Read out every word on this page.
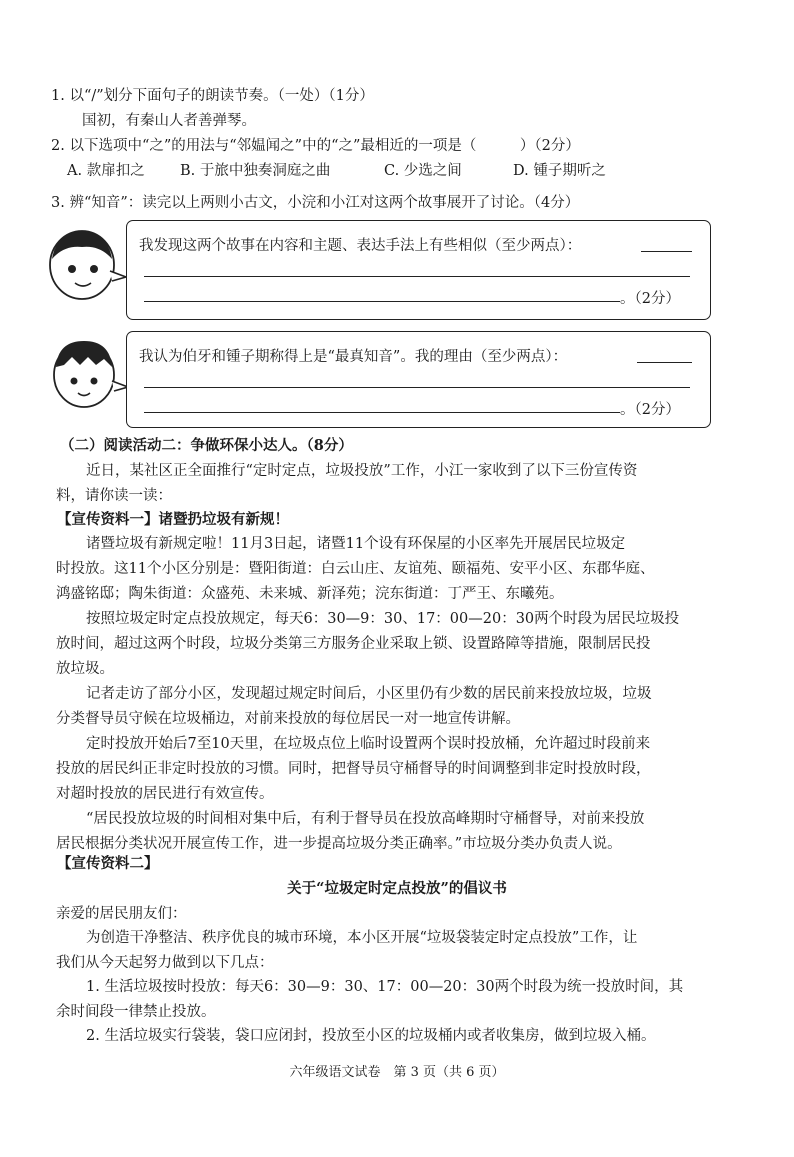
1. 以“/”划分下面句子的朗读节奏。（一处）（1分）
国初，有秦山人者善弹琴。
2. 以下选项中“之”的用法与“邻媪闻之”中的“之”最相近的一项是（　　　）（2分）
A. 款扉扣之 B. 于旅中独奏洞庭之曲	C. 少选之间	D. 锺子期听之
3. 辨“知音”：读完以上两则小古文，小浣和小江对这两个故事展开了讨论。（4分）
我发现这两个故事在内容和主题、表达手法上有些相似（至少两点）：
。（2分）
我认为伯牙和锺子期称得上是“最真知音”。我的理由（至少两点）：
。（2分）
（二）阅读活动二：争做环保小达人。（8分）
近日，某社区正全面推行“定时定点，垃圾投放”工作，小江一家收到了以下三份宣传资
料，请你读一读：
【宣传资料一】诸暨扔垃圾有新规！
诸暨垃圾有新规定啦！11月3日起，诸暨11个设有环保屋的小区率先开展居民垃圾定
时投放。这11个小区分别是：暨阳街道：白云山庄、友谊苑、颐福苑、安平小区、东郡华庭、
鸿盛铭邸；陶朱街道：众盛苑、未来城、新泽苑；浣东街道：丁严王、东曦苑。
按照垃圾定时定点投放规定，每天6：30—9：30、17：00—20：30两个时段为居民垃圾投
放时间，超过这两个时段，垃圾分类第三方服务企业采取上锁、设置路障等措施，限制居民投
放垃圾。
记者走访了部分小区，发现超过规定时间后，小区里仍有少数的居民前来投放垃圾，垃圾
分类督导员守候在垃圾桶边，对前来投放的每位居民一对一地宣传讲解。
定时投放开始后7至10天里，在垃圾点位上临时设置两个误时投放桶，允许超过时段前来
投放的居民纠正非定时投放的习惯。同时，把督导员守桶督导的时间调整到非定时投放时段，
对超时投放的居民进行有效宣传。
“居民投放垃圾的时间相对集中后，有利于督导员在投放高峰期时守桶督导，对前来投放
居民根据分类状况开展宣传工作，进一步提高垃圾分类正确率。”市垃圾分类办负责人说。
【宣传资料二】
关于“垃圾定时定点投放”的倡议书
亲爱的居民朋友们：
为创造干净整洁、秩序优良的城市环境，本小区开展“垃圾袋装定时定点投放”工作，让
我们从今天起努力做到以下几点：
1. 生活垃圾按时投放：每天6：30—9：30、17：00—20：30两个时段为统一投放时间，其
余时间段一律禁止投放。
2. 生活垃圾实行袋装，袋口应闭封，投放至小区的垃圾桶内或者收集房，做到垃圾入桶。
六年级语文试卷　第 3 页（共 6 页）
